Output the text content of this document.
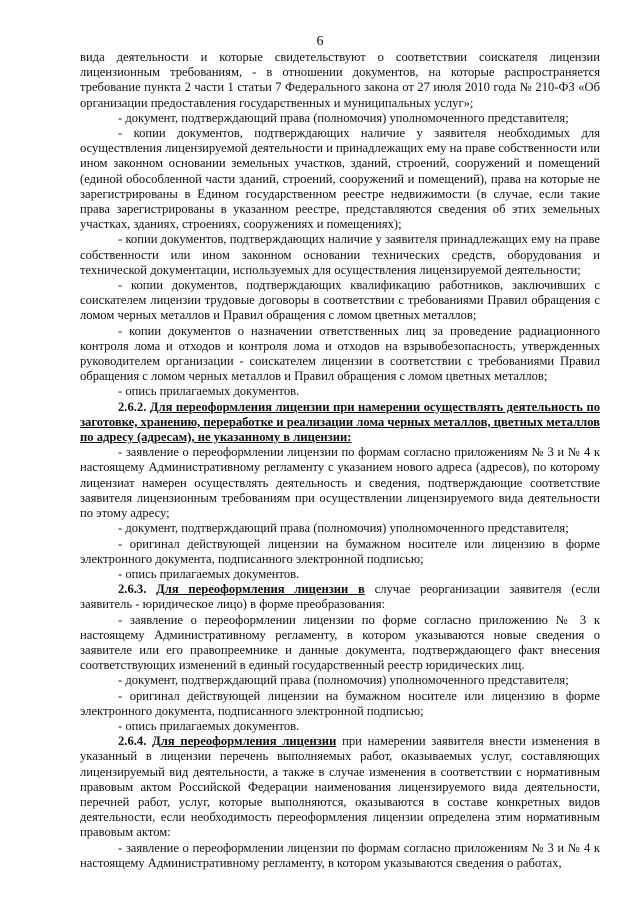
6

вида деятельности и которые свидетельствуют о соответствии соискателя лицензии лицензионным требованиям, - в отношении документов, на которые распространяется требование пункта 2 части 1 статьи 7 Федерального закона от 27 июля 2010 года № 210-ФЗ «Об организации предоставления государственных и муниципальных услуг»;

- документ, подтверждающий права (полномочия) уполномоченного представителя;

- копии документов, подтверждающих наличие у заявителя необходимых для осуществления лицензируемой деятельности и принадлежащих ему на праве собственности или ином законном основании земельных участков, зданий, строений, сооружений и помещений (единой обособленной части зданий, строений, сооружений и помещений), права на которые не зарегистрированы в Едином государственном реестре недвижимости (в случае, если такие права зарегистрированы в указанном реестре, представляются сведения об этих земельных участках, зданиях, строениях, сооружениях и помещениях);

- копии документов, подтверждающих наличие у заявителя принадлежащих ему на праве собственности или ином законном основании технических средств, оборудования и технической документации, используемых для осуществления лицензируемой деятельности;

- копии документов, подтверждающих квалификацию работников, заключивших с соискателем лицензии трудовые договоры в соответствии с требованиями Правил обращения с ломом черных металлов и Правил обращения с ломом цветных металлов;

- копии документов о назначении ответственных лиц за проведение радиационного контроля лома и отходов и контроля лома и отходов на взрывобезопасность, утвержденных руководителем организации - соискателем лицензии в соответствии с требованиями Правил обращения с ломом черных металлов и Правил обращения с ломом цветных металлов;

- опись прилагаемых документов.

2.6.2. Для переоформления лицензии при намерении осуществлять деятельность по заготовке, хранению, переработке и реализации лома черных металлов, цветных металлов по адресу (адресам), не указанному в лицензии:

- заявление о переоформлении лицензии по формам согласно приложениям № 3 и № 4 к настоящему Административному регламенту с указанием нового адреса (адресов), по которому лицензиат намерен осуществлять деятельность и сведения, подтверждающие соответствие заявителя лицензионным требованиям при осуществлении лицензируемого вида деятельности по этому адресу;

- документ, подтверждающий права (полномочия) уполномоченного представителя;

- оригинал действующей лицензии на бумажном носителе или лицензию в форме электронного документа, подписанного электронной подписью;

- опись прилагаемых документов.

2.6.3. Для переоформления лицензии в случае реорганизации заявителя (если заявитель - юридическое лицо) в форме преобразования:

- заявление о переоформлении лицензии по форме согласно приложению № 3 к настоящему Административному регламенту, в котором указываются новые сведения о заявителе или его правопреемнике и данные документа, подтверждающего факт внесения соответствующих изменений в единый государственный реестр юридических лиц.

- документ, подтверждающий права (полномочия) уполномоченного представителя;

- оригинал действующей лицензии на бумажном носителе или лицензию в форме электронного документа, подписанного электронной подписью;

- опись прилагаемых документов.

2.6.4. Для переоформления лицензии при намерении заявителя внести изменения в указанный в лицензии перечень выполняемых работ, оказываемых услуг, составляющих лицензируемый вид деятельности, а также в случае изменения в соответствии с нормативным правовым актом Российской Федерации наименования лицензируемого вида деятельности, перечней работ, услуг, которые выполняются, оказываются в составе конкретных видов деятельности, если необходимость переоформления лицензии определена этим нормативным правовым актом:

- заявление о переоформлении лицензии по формам согласно приложениям № 3 и № 4 к настоящему Административному регламенту, в котором указываются сведения о работах,
